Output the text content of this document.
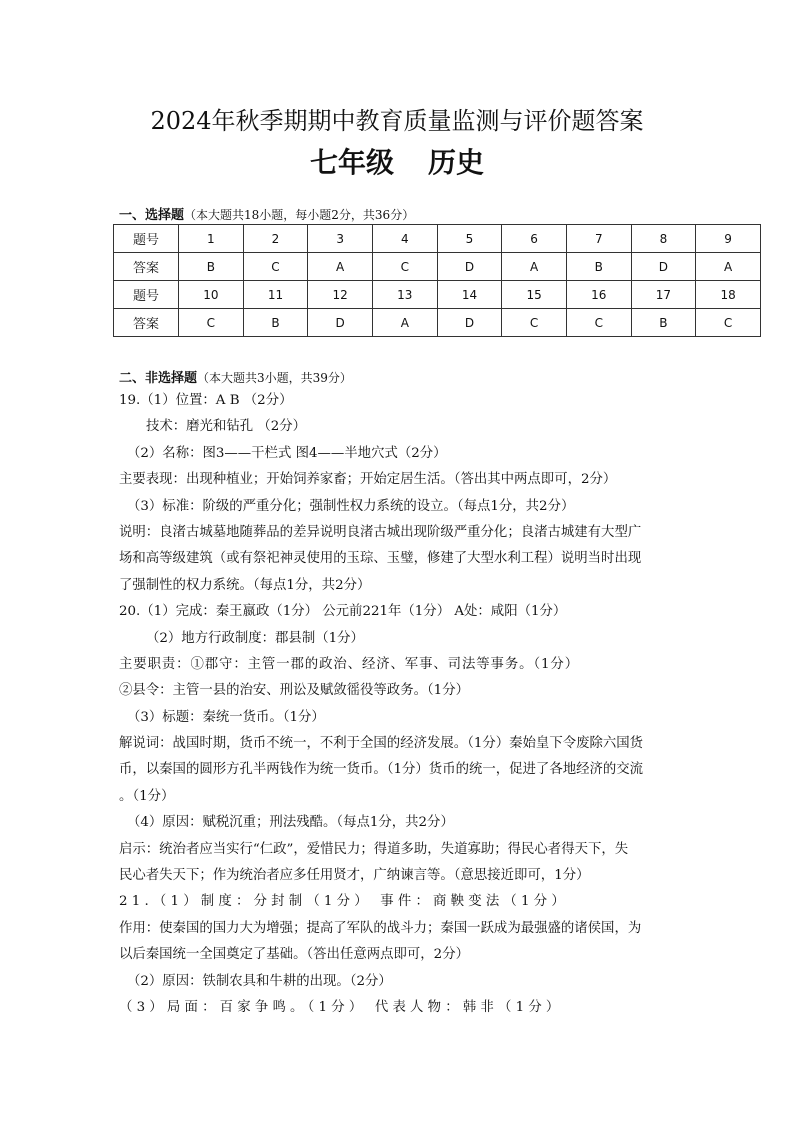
2024年秋季期期中教育质量监测与评价题答案
七年级 历史
一、选择题（本大题共18小题，每小题2分，共36分）
题号	1	2	3	4	5	6	7	8	9
答案	B	C	A	C	D	A	B	D	A
题号	10	11	12	13	14	15	16	17	18
答案	C	B	D	A	D	C	C	B	C
二、非选择题（本大题共3小题，共39分）
19.（1）位置：A B （2分）
技术：磨光和钻孔 （2分）
（2）名称：图3——干栏式 图4——半地穴式（2分）
主要表现：出现种植业；开始饲养家畜；开始定居生活。（答出其中两点即可，2分）
（3）标准：阶级的严重分化；强制性权力系统的设立。（每点1分，共2分）
说明：良渚古城墓地随葬品的差异说明良渚古城出现阶级严重分化；良渚古城建有大型广
场和高等级建筑（或有祭祀神灵使用的玉琮、玉璧，修建了大型水利工程）说明当时出现
了强制性的权力系统。（每点1分，共2分）
20.（1）完成：秦王嬴政（1分） 公元前221年（1分） A处：咸阳（1分）
（2）地方行政制度：郡县制（1分）
主要职责：①郡守：主管一郡的政治、经济、军事、司法等事务。（1分）
②县令：主管一县的治安、刑讼及赋敛徭役等政务。（1分）
（3）标题：秦统一货币。（1分）
解说词：战国时期，货币不统一，不利于全国的经济发展。（1分）秦始皇下令废除六国货
币，以秦国的圆形方孔半两钱作为统一货币。（1分）货币的统一，促进了各地经济的交流
。（1分）
（4）原因：赋税沉重；刑法残酷。（每点1分，共2分）
启示：统治者应当实行“仁政”，爱惜民力；得道多助，失道寡助；得民心者得天下，失
民心者失天下；作为统治者应多任用贤才，广纳谏言等。（意思接近即可，1分）
21.（1）制度：分封制（1分） 事件：商鞅变法（1分）
作用：使秦国的国力大为增强；提高了军队的战斗力；秦国一跃成为最强盛的诸侯国，为
以后秦国统一全国奠定了基础。（答出任意两点即可，2分）
（2）原因：铁制农具和牛耕的出现。（2分）
（3）局面：百家争鸣。（1分） 代表人物：韩非（1分）
